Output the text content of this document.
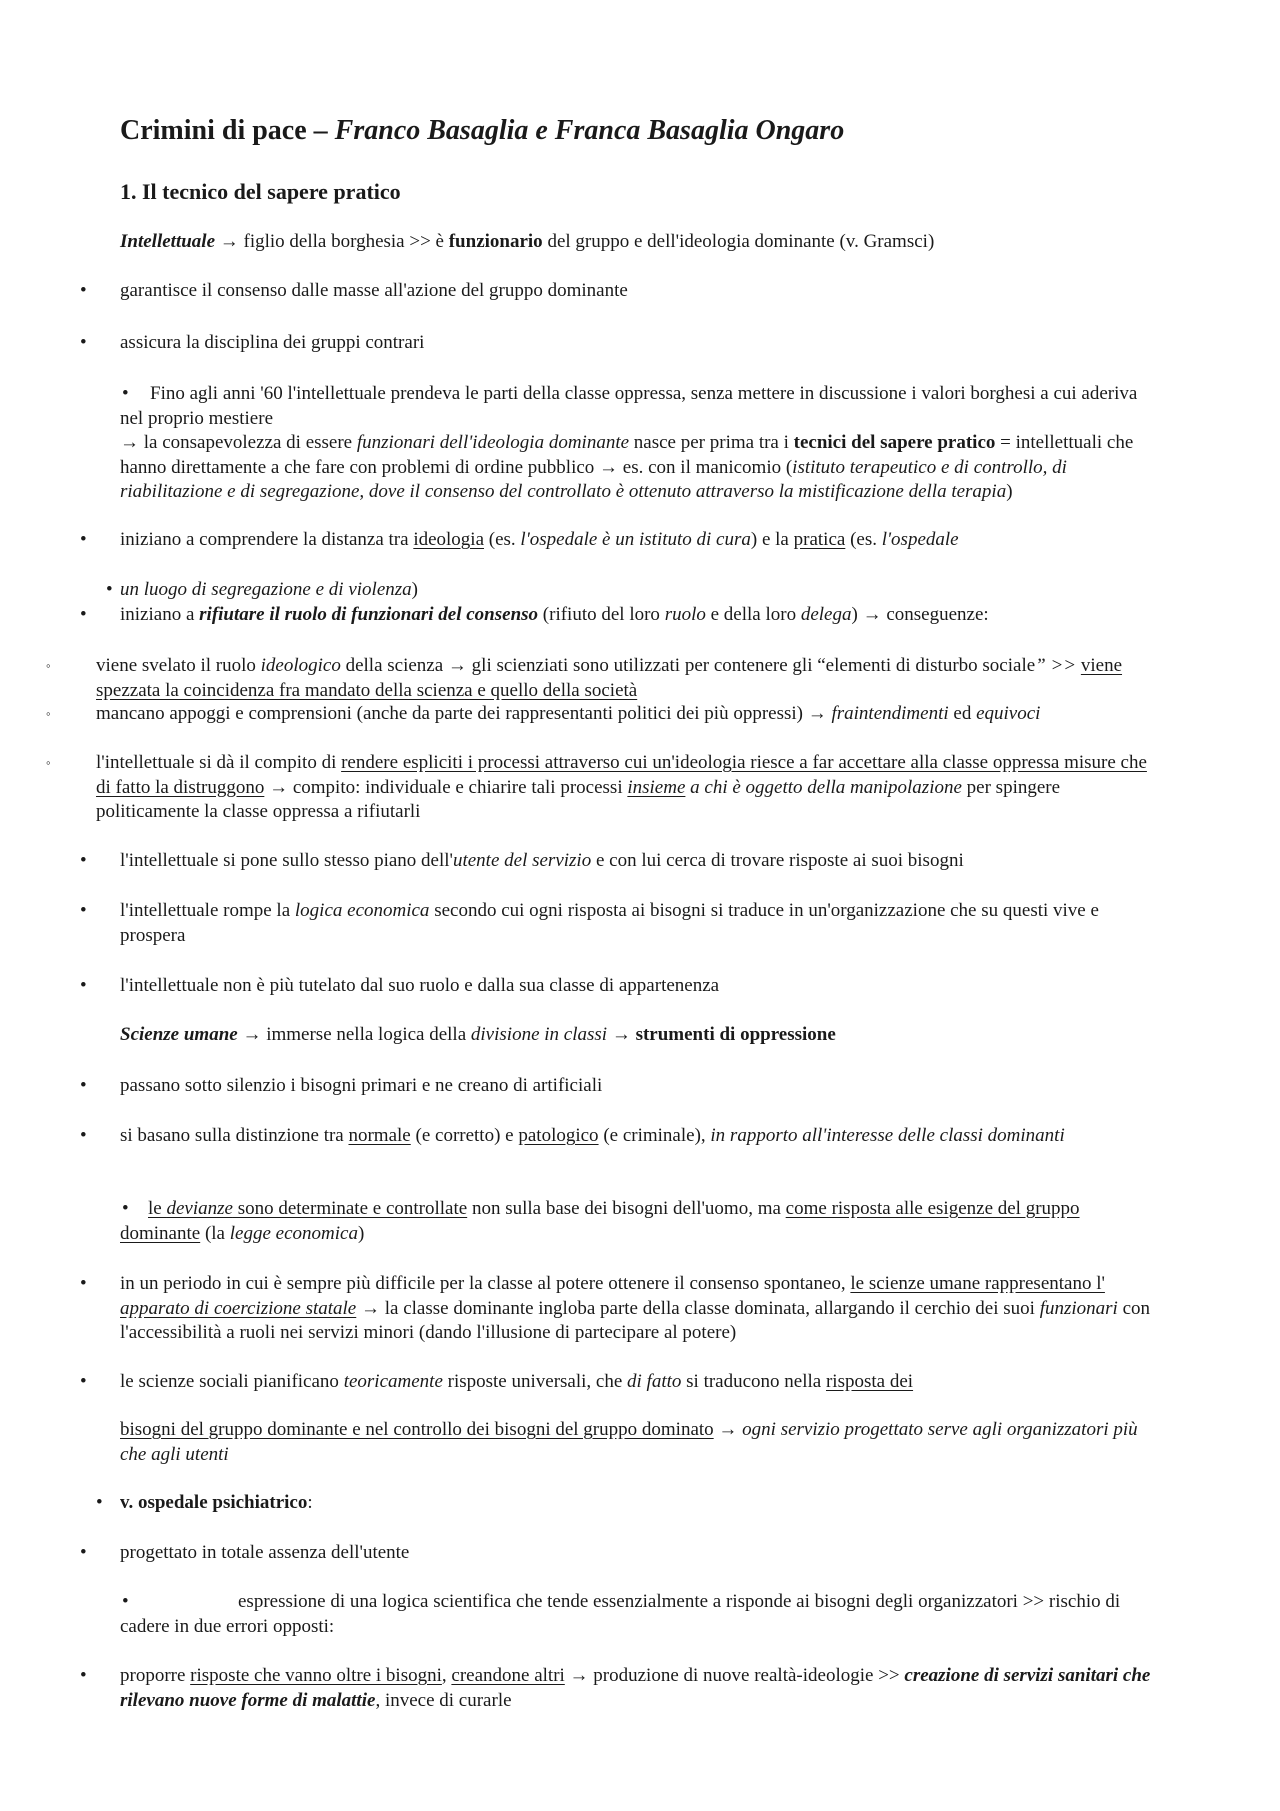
Crimini di pace – Franco Basaglia e Franca Basaglia Ongaro
1. Il tecnico del sapere pratico

Intellettuale → figlio della borghesia >> è funzionario del gruppo e dell'ideologia dominante (v. Gramsci)

• garantisce il consenso dalle masse all'azione del gruppo dominante

• assicura la disciplina dei gruppi contrari

•	Fino agli anni '60 l'intellettuale prendeva le parti della classe oppressa, senza mettere in discussione i valori borghesi a cui aderiva nel proprio mestiere
→ la consapevolezza di essere funzionari dell'ideologia dominante nasce per prima tra i tecnici del sapere pratico = intellettuali che hanno direttamente a che fare con problemi di ordine pubblico → es. con il manicomio (istituto terapeutico e di controllo, di riabilitazione e di segregazione, dove il consenso del controllato è ottenuto attraverso la mistificazione della terapia)

• iniziano a comprendere la distanza tra ideologia (es. l'ospedale è un istituto di cura) e la pratica (es. l'ospedale

• un luogo di segregazione e di violenza)

• iniziano a rifiutare il ruolo di funzionari del consenso (rifiuto del loro ruolo e della loro delega) → conseguenze:

◦ viene svelato il ruolo ideologico della scienza → gli scienziati sono utilizzati per contenere gli “elementi di disturbo sociale” >> viene spezzata la coincidenza fra mandato della scienza e quello della società

◦ mancano appoggi e comprensioni (anche da parte dei rappresentanti politici dei più oppressi) → fraintendimenti ed equivoci

◦ l'intellettuale si dà il compito di rendere espliciti i processi attraverso cui un'ideologia riesce a far accettare alla classe oppressa misure che di fatto la distruggono → compito: individuale e chiarire tali processi insieme a chi è oggetto della manipolazione per spingere politicamente la classe oppressa a rifiutarli

• l'intellettuale si pone sullo stesso piano dell'utente del servizio e con lui cerca di trovare risposte ai suoi bisogni

• l'intellettuale rompe la logica economica secondo cui ogni risposta ai bisogni si traduce in un'organizzazione che su questi vive e prospera

• l'intellettuale non è più tutelato dal suo ruolo e dalla sua classe di appartenenza

Scienze umane → immerse nella logica della divisione in classi → strumenti di oppressione

• passano sotto silenzio i bisogni primari e ne creano di artificiali

• si basano sulla distinzione tra normale (e corretto) e patologico (e criminale), in rapporto all'interesse delle classi dominanti

•	le devianze sono determinate e controllate non sulla base dei bisogni dell'uomo, ma come risposta alle esigenze del gruppo dominante (la legge economica)

• in un periodo in cui è sempre più difficile per la classe al potere ottenere il consenso spontaneo, le scienze umane rappresentano l' apparato di coercizione statale → la classe dominante ingloba parte della classe dominata, allargando il cerchio dei suoi funzionari con l'accessibilità a ruoli nei servizi minori (dando l'illusione di partecipare al potere)

• le scienze sociali pianificano teoricamente risposte universali, che di fatto si traducono nella risposta dei

bisogni del gruppo dominante e nel controllo dei bisogni del gruppo dominato → ogni servizio progettato serve agli organizzatori più che agli utenti

• v. ospedale psichiatrico:

• progettato in totale assenza dell'utente

•	espressione di una logica scientifica che tende essenzialmente a risponde ai bisogni degli organizzatori >> rischio di cadere in due errori opposti:

• proporre risposte che vanno oltre i bisogni, creandone altri → produzione di nuove realtà-ideologie >> creazione di servizi sanitari che rilevano nuove forme di malattie, invece di curarle
